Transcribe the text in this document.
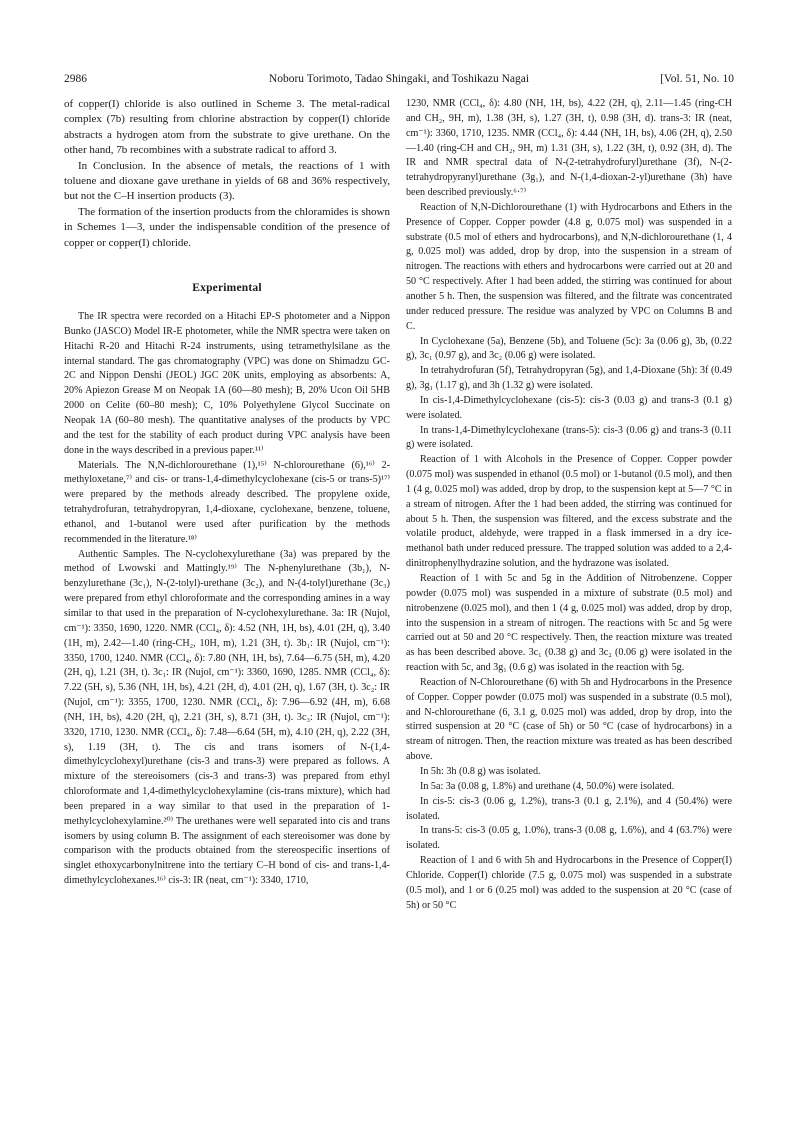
2986	Noboru Torimoto, Tadao Shingaki, and Toshikazu Nagai	[Vol. 51, No. 10

of copper(I) chloride is also outlined in Scheme 3. The metal-radical complex (7b) resulting from chlorine abstraction by copper(I) chloride abstracts a hydrogen atom from the substrate to give urethane. On the other hand, 7b recombines with a substrate radical to afford 3.

In Conclusion. In the absence of metals, the reactions of 1 with toluene and dioxane gave urethane in yields of 68 and 36% respectively, but not the C–H insertion products (3).

The formation of the insertion products from the chloramides is shown in Schemes 1—3, under the indispensable condition of the presence of copper or copper(I) chloride.

Experimental

The IR spectra were recorded on a Hitachi EP-S photometer and a Nippon Bunko (JASCO) Model IR-E photometer, while the NMR spectra were taken on Hitachi R-20 and Hitachi R-24 instruments, using tetramethylsilane as the internal standard. The gas chromatography (VPC) was done on Shimadzu GC-2C and Nippon Denshi (JEOL) JGC 20K units, employing as absorbents: A, 20% Apiezon Grease M on Neopak 1A (60—80 mesh); B, 20% Ucon Oil 5HB 2000 on Celite (60–80 mesh); C, 10% Polyethylene Glycol Succinate on Neopak 1A (60–80 mesh). The quantitative analyses of the products by VPC and the test for the stability of each product during VPC analysis have been done in the ways described in a previous paper.¹¹⁾

Materials. The N,N-dichlorourethane (1),¹⁵⁾ N-chlorourethane (6),¹⁶⁾ 2-methyloxetane,⁷⁾ and cis- or trans-1,4-dimethylcyclohexane (cis-5 or trans-5)¹⁷⁾ were prepared by the methods already described. The propylene oxide, tetrahydrofuran, tetrahydropyran, 1,4-dioxane, cyclohexane, benzene, toluene, ethanol, and 1-butanol were used after purification by the methods recommended in the literature.¹⁸⁾

Authentic Samples. The N-cyclohexylurethane (3a) was prepared by the method of Lwowski and Mattingly.¹⁹⁾ The N-phenylurethane (3b₁), N-benzylurethane (3c₁), N-(2-tolyl)-urethane (3c₂), and N-(4-tolyl)urethane (3c₃) were prepared from ethyl chloroformate and the corresponding amines in a way similar to that used in the preparation of N-cyclohexylurethane. 3a: IR (Nujol, cm⁻¹): 3350, 1690, 1220. NMR (CCl₄, δ): 4.52 (NH, 1H, bs), 4.01 (2H, q), 3.40 (1H, m), 2.42—1.40 (ring-CH₂, 10H, m), 1.21 (3H, t). 3b₁: IR (Nujol, cm⁻¹): 3350, 1700, 1240. NMR (CCl₄, δ): 7.80 (NH, 1H, bs), 7.64—6.75 (5H, m), 4.20 (2H, q), 1.21 (3H, t). 3c₁: IR (Nujol, cm⁻¹): 3360, 1690, 1285. NMR (CCl₄, δ): 7.22 (5H, s), 5.36 (NH, 1H, bs), 4.21 (2H, d), 4.01 (2H, q), 1.67 (3H, t). 3c₂: IR (Nujol, cm⁻¹): 3355, 1700, 1230. NMR (CCl₄, δ): 7.96—6.92 (4H, m), 6.68 (NH, 1H, bs), 4.20 (2H, q), 2.21 (3H, s), 8.71 (3H, t). 3c₃: IR (Nujol, cm⁻¹): 3320, 1710, 1230. NMR (CCl₄, δ): 7.48—6.64 (5H, m), 4.10 (2H, q), 2.22 (3H, s), 1.19 (3H, t). The cis and trans isomers of N-(1,4-dimethylcyclohexyl)urethane (cis-3 and trans-3) were prepared as follows. A mixture of the stereoisomers (cis-3 and trans-3) was prepared from ethyl chloroformate and 1,4-dimethylcyclohexylamine (cis-trans mixture), which had been prepared in a way similar to that used in the preparation of 1-methylcyclohexylamine.²⁰⁾ The urethanes were well separated into cis and trans isomers by using column B. The assignment of each stereoisomer was done by comparison with the products obtained from the stereospecific insertions of singlet ethoxycarbonylnitrene into the tertiary C–H bond of cis- and trans-1,4-dimethylcyclohexanes.¹⁶⁾ cis-3: IR (neat, cm⁻¹): 3340, 1710,

1230, NMR (CCl₄, δ): 4.80 (NH, 1H, bs), 4.22 (2H, q), 2.11—1.45 (ring-CH and CH₂, 9H, m), 1.38 (3H, s), 1.27 (3H, t), 0.98 (3H, d). trans-3: IR (neat, cm⁻¹): 3360, 1710, 1235. NMR (CCl₄, δ): 4.44 (NH, 1H, bs), 4.06 (2H, q), 2.50—1.40 (ring-CH and CH₂, 9H, m) 1.31 (3H, s), 1.22 (3H, t), 0.92 (3H, d). The IR and NMR spectral data of N-(2-tetrahydrofuryl)urethane (3f), N-(2-tetrahydropyranyl)urethane (3g₁), and N-(1,4-dioxan-2-yl)urethane (3h) have been described previously.⁶·⁷⁾

Reaction of N,N-Dichlorourethane (1) with Hydrocarbons and Ethers in the Presence of Copper. Copper powder (4.8 g, 0.075 mol) was suspended in a substrate (0.5 mol of ethers and hydrocarbons), and N,N-dichlorourethane (1, 4 g, 0.025 mol) was added, drop by drop, into the suspension in a stream of nitrogen. The reactions with ethers and hydrocarbons were carried out at 20 and 50 °C respectively. After 1 had been added, the stirring was continued for about another 5 h. Then, the suspension was filtered, and the filtrate was concentrated under reduced pressure. The residue was analyzed by VPC on Columns B and C.

In Cyclohexane (5a), Benzene (5b), and Toluene (5c): 3a (0.06 g), 3b, (0.22 g), 3c₁ (0.97 g), and 3c₂ (0.06 g) were isolated.

In tetrahydrofuran (5f), Tetrahydropyran (5g), and 1,4-Dioxane (5h): 3f (0.49 g), 3g₁ (1.17 g), and 3h (1.32 g) were isolated.

In cis-1,4-Dimethylcyclohexane (cis-5): cis-3 (0.03 g) and trans-3 (0.1 g) were isolated.

In trans-1,4-Dimethylcyclohexane (trans-5): cis-3 (0.06 g) and trans-3 (0.11 g) were isolated.

Reaction of 1 with Alcohols in the Presence of Copper. Copper powder (0.075 mol) was suspended in ethanol (0.5 mol) or 1-butanol (0.5 mol), and then 1 (4 g, 0.025 mol) was added, drop by drop, to the suspension kept at 5—7 °C in a stream of nitrogen. After the 1 had been added, the stirring was continued for about 5 h. Then, the suspension was filtered, and the excess substrate and the volatile product, aldehyde, were trapped in a flask immersed in a dry ice-methanol bath under reduced pressure. The trapped solution was added to a 2,4-dinitrophenylhydrazine solution, and the hydrazone was isolated.

Reaction of 1 with 5c and 5g in the Addition of Nitrobenzene. Copper powder (0.075 mol) was suspended in a mixture of substrate (0.5 mol) and nitrobenzene (0.025 mol), and then 1 (4 g, 0.025 mol) was added, drop by drop, into the suspension in a stream of nitrogen. The reactions with 5c and 5g were carried out at 50 and 20 °C respectively. Then, the reaction mixture was treated as has been described above. 3c₁ (0.38 g) and 3c₂ (0.06 g) were isolated in the reaction with 5c, and 3g₁ (0.6 g) was isolated in the reaction with 5g.

Reaction of N-Chlorourethane (6) with 5h and Hydrocarbons in the Presence of Copper. Copper powder (0.075 mol) was suspended in a substrate (0.5 mol), and N-chlorourethane (6, 3.1 g, 0.025 mol) was added, drop by drop, into the stirred suspension at 20 °C (case of 5h) or 50 °C (case of hydrocarbons) in a stream of nitrogen. Then, the reaction mixture was treated as has been described above.

In 5h: 3h (0.8 g) was isolated.

In 5a: 3a (0.08 g, 1.8%) and urethane (4, 50.0%) were isolated.

In cis-5: cis-3 (0.06 g, 1.2%), trans-3 (0.1 g, 2.1%), and 4 (50.4%) were isolated.

In trans-5: cis-3 (0.05 g, 1.0%), trans-3 (0.08 g, 1.6%), and 4 (63.7%) were isolated.

Reaction of 1 and 6 with 5h and Hydrocarbons in the Presence of Copper(I) Chloride. Copper(I) chloride (7.5 g, 0.075 mol) was suspended in a substrate (0.5 mol), and 1 or 6 (0.25 mol) was added to the suspension at 20 °C (case of 5h) or 50 °C
